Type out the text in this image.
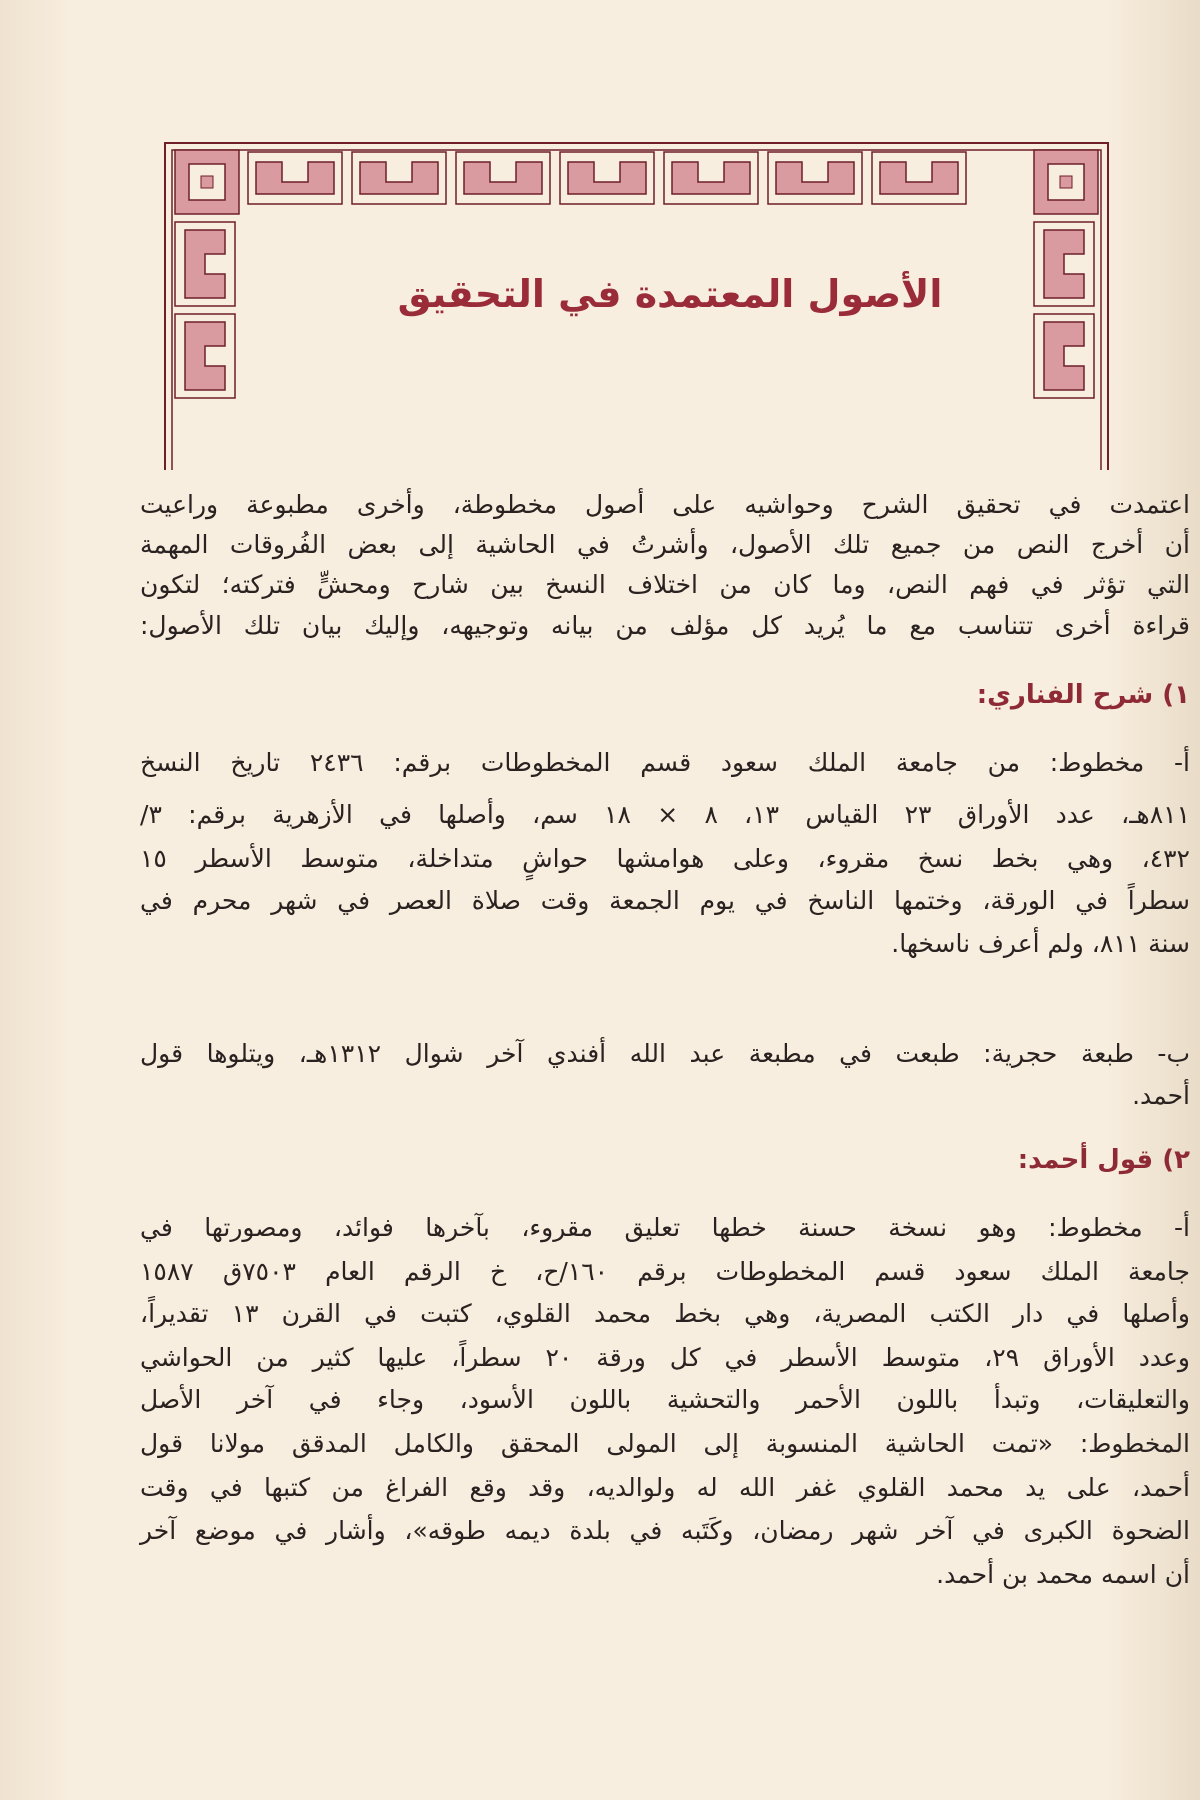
الأصول المعتمدة في التحقيق
اعتمدت في تحقيق الشرح وحواشيه على أصول مخطوطة، وأخرى مطبوعة وراعيت
أن أخرج النص من جميع تلك الأصول، وأشرتُ في الحاشية إلى بعض الفُروقات المهمة
التي تؤثر في فهم النص، وما كان من اختلاف النسخ بين شارح ومحشٍّ فتركته؛ لتكون
قراءة أخرى تتناسب مع ما يُريد كل مؤلف من بيانه وتوجيهه، وإليك بيان تلك الأصول:
١) شرح الفناري:
أ- مخطوط: من جامعة الملك سعود قسم المخطوطات برقم: ٢٤٣٦ تاريخ النسخ
٨١١هـ، عدد الأوراق ٢٣ القياس ١٣، ٨ × ١٨ سم، وأصلها في الأزهرية برقم: ٣/
٤٣٢، وهي بخط نسخ مقروء، وعلى هوامشها حواشٍ متداخلة، متوسط الأسطر ١٥
سطراً في الورقة، وختمها الناسخ في يوم الجمعة وقت صلاة العصر في شهر محرم في
سنة ٨١١، ولم أعرف ناسخها.
ب- طبعة حجرية: طبعت في مطبعة عبد الله أفندي آخر شوال ١٣١٢هـ، ويتلوها قول
أحمد.
٢) قول أحمد:
أ- مخطوط: وهو نسخة حسنة خطها تعليق مقروء، بآخرها فوائد، ومصورتها في
جامعة الملك سعود قسم المخطوطات برقم ١٦٠/ح، خ الرقم العام ٧٥٠٣ق ١٥٨٧
وأصلها في دار الكتب المصرية، وهي بخط محمد القلوي، كتبت في القرن ١٣ تقديراً،
وعدد الأوراق ٢٩، متوسط الأسطر في كل ورقة ٢٠ سطراً، عليها كثير من الحواشي
والتعليقات، وتبدأ باللون الأحمر والتحشية باللون الأسود، وجاء في آخر الأصل
المخطوط: «تمت الحاشية المنسوبة إلى المولى المحقق والكامل المدقق مولانا قول
أحمد، على يد محمد القلوي غفر الله له ولوالديه، وقد وقع الفراغ من كتبها في وقت
الضحوة الكبرى في آخر شهر رمضان، وكَتَبه في بلدة ديمه طوقه»، وأشار في موضع آخر
أن اسمه محمد بن أحمد.
